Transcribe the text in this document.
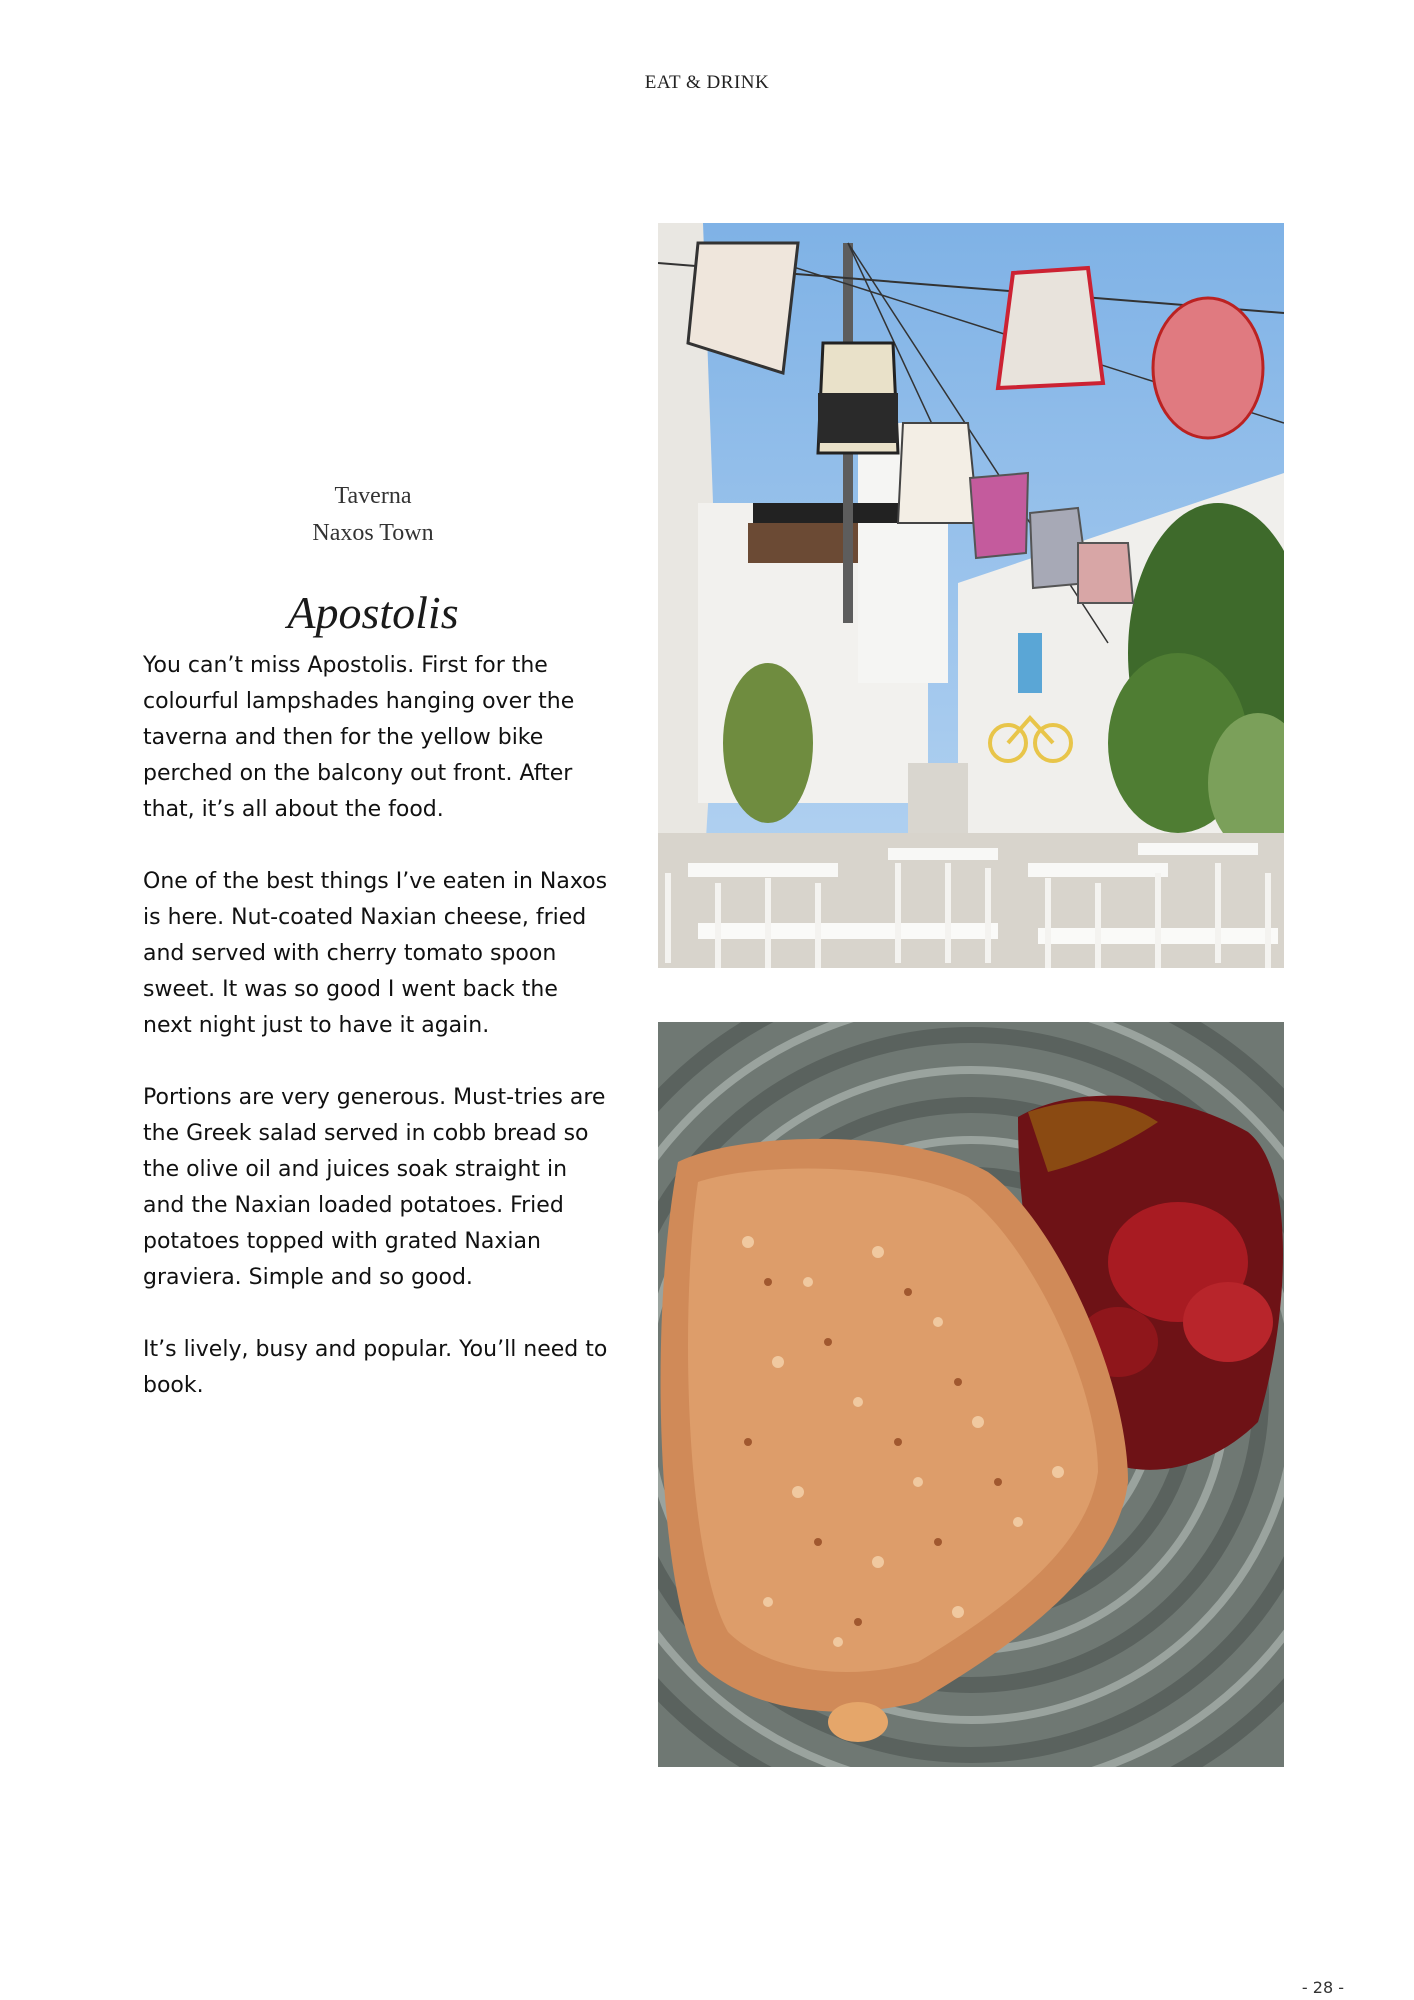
EAT & DRINK
Taverna
Naxos Town
Apostolis

You can’t miss Apostolis. First for the colourful lampshades hanging over the taverna and then for the yellow bike perched on the balcony out front. After that, it’s all about the food.

One of the best things I’ve eaten in Naxos is here. Nut-coated Naxian cheese, fried and served with cherry tomato spoon sweet. It was so good I went back the next night just to have it again.

Portions are very generous. Must-tries are the Greek salad served in cobb bread so the olive oil and juices soak straight in and the Naxian loaded potatoes. Fried potatoes topped with grated Naxian graviera. Simple and so good.

It’s lively, busy and popular. You’ll need to book.

- 28 -
